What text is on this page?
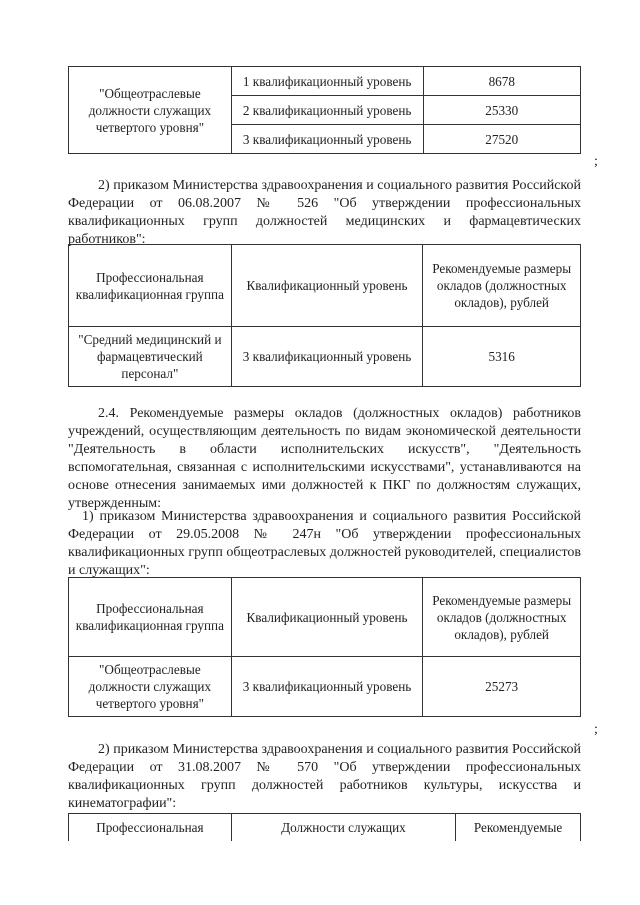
"Общеотраслевые должности служащих четвертого уровня"	1 квалификационный уровень	8678
	2 квалификационный уровень	25330
	3 квалификационный уровень	27520
;

2) приказом Министерства здравоохранения и социального развития Российской Федерации от 06.08.2007 № 526 "Об утверждении профессиональных квалификационных групп должностей медицинских и фармацевтических работников":

Профессиональная квалификационная группа	Квалификационный уровень	Рекомендуемые размеры окладов (должностных окладов), рублей
"Средний медицинский и фармацевтический персонал"	3 квалификационный уровень	5316

2.4. Рекомендуемые размеры окладов (должностных окладов) работников учреждений, осуществляющим деятельность по видам экономической деятельности "Деятельность в области исполнительских искусств", "Деятельность вспомогательная, связанная с исполнительскими искусствами", устанавливаются на основе отнесения занимаемых ими должностей к ПКГ по должностям служащих, утвержденным:

1) приказом Министерства здравоохранения и социального развития Российской Федерации от 29.05.2008 № 247н "Об утверждении профессиональных квалификационных групп общеотраслевых должностей руководителей, специалистов и служащих":

Профессиональная квалификационная группа	Квалификационный уровень	Рекомендуемые размеры окладов (должностных окладов), рублей
"Общеотраслевые должности служащих четвертого уровня"	3 квалификационный уровень	25273
;

2) приказом Министерства здравоохранения и социального развития Российской Федерации от 31.08.2007 № 570 "Об утверждении профессиональных квалификационных групп должностей работников культуры, искусства и кинематографии":

Профессиональная	Должности служащих	Рекомендуемые
